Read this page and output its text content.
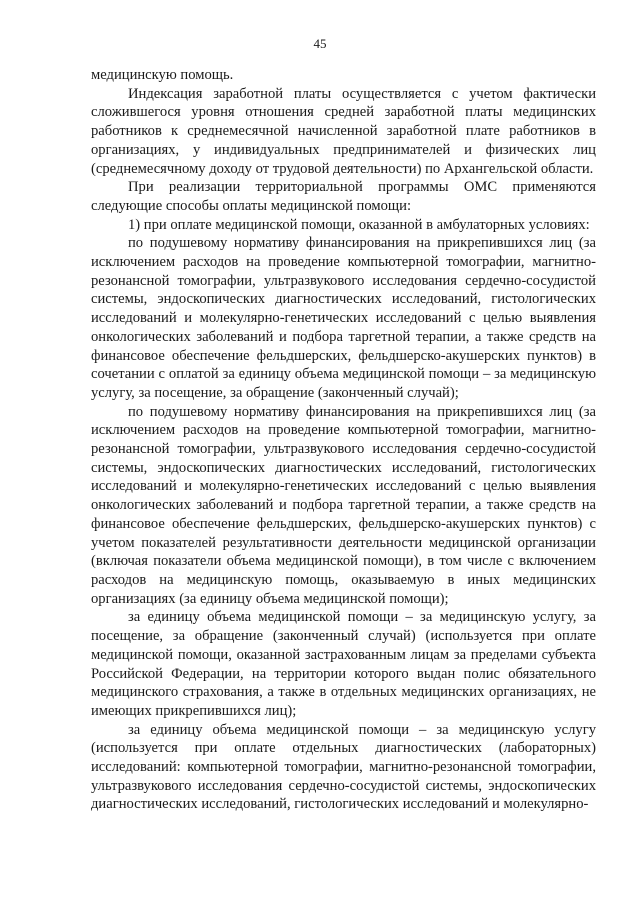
45

медицинскую помощь.

Индексация заработной платы осуществляется с учетом фактически сложившегося уровня отношения средней заработной платы медицинских работников к среднемесячной начисленной заработной плате работников в организациях, у индивидуальных предпринимателей и физических лиц (среднемесячному доходу от трудовой деятельности) по Архангельской области.

При реализации территориальной программы ОМС применяются следующие способы оплаты медицинской помощи:

1) при оплате медицинской помощи, оказанной в амбулаторных условиях:

по подушевому нормативу финансирования на прикрепившихся лиц (за исключением расходов на проведение компьютерной томографии, магнитно-резонансной томографии, ультразвукового исследования сердечно-сосудистой системы, эндоскопических диагностических исследований, гистологических исследований и молекулярно-генетических исследований с целью выявления онкологических заболеваний и подбора таргетной терапии, а также средств на финансовое обеспечение фельдшерских, фельдшерско-акушерских пунктов) в сочетании с оплатой за единицу объема медицинской помощи – за медицинскую услугу, за посещение, за обращение (законченный случай);

по подушевому нормативу финансирования на прикрепившихся лиц (за исключением расходов на проведение компьютерной томографии, магнитно-резонансной томографии, ультразвукового исследования сердечно-сосудистой системы, эндоскопических диагностических исследований, гистологических исследований и молекулярно-генетических исследований с целью выявления онкологических заболеваний и подбора таргетной терапии, а также средств на финансовое обеспечение фельдшерских, фельдшерско-акушерских пунктов) с учетом показателей результативности деятельности медицинской организации (включая показатели объема медицинской помощи), в том числе с включением расходов на медицинскую помощь, оказываемую в иных медицинских организациях (за единицу объема медицинской помощи);

за единицу объема медицинской помощи – за медицинскую услугу, за посещение, за обращение (законченный случай) (используется при оплате медицинской помощи, оказанной застрахованным лицам за пределами субъекта Российской Федерации, на территории которого выдан полис обязательного медицинского страхования, а также в отдельных медицинских организациях, не имеющих прикрепившихся лиц);

за единицу объема медицинской помощи – за медицинскую услугу (используется при оплате отдельных диагностических (лабораторных) исследований: компьютерной томографии, магнитно-резонансной томографии, ультразвукового исследования сердечно-сосудистой системы, эндоскопических диагностических исследований, гистологических исследований и молекулярно-
